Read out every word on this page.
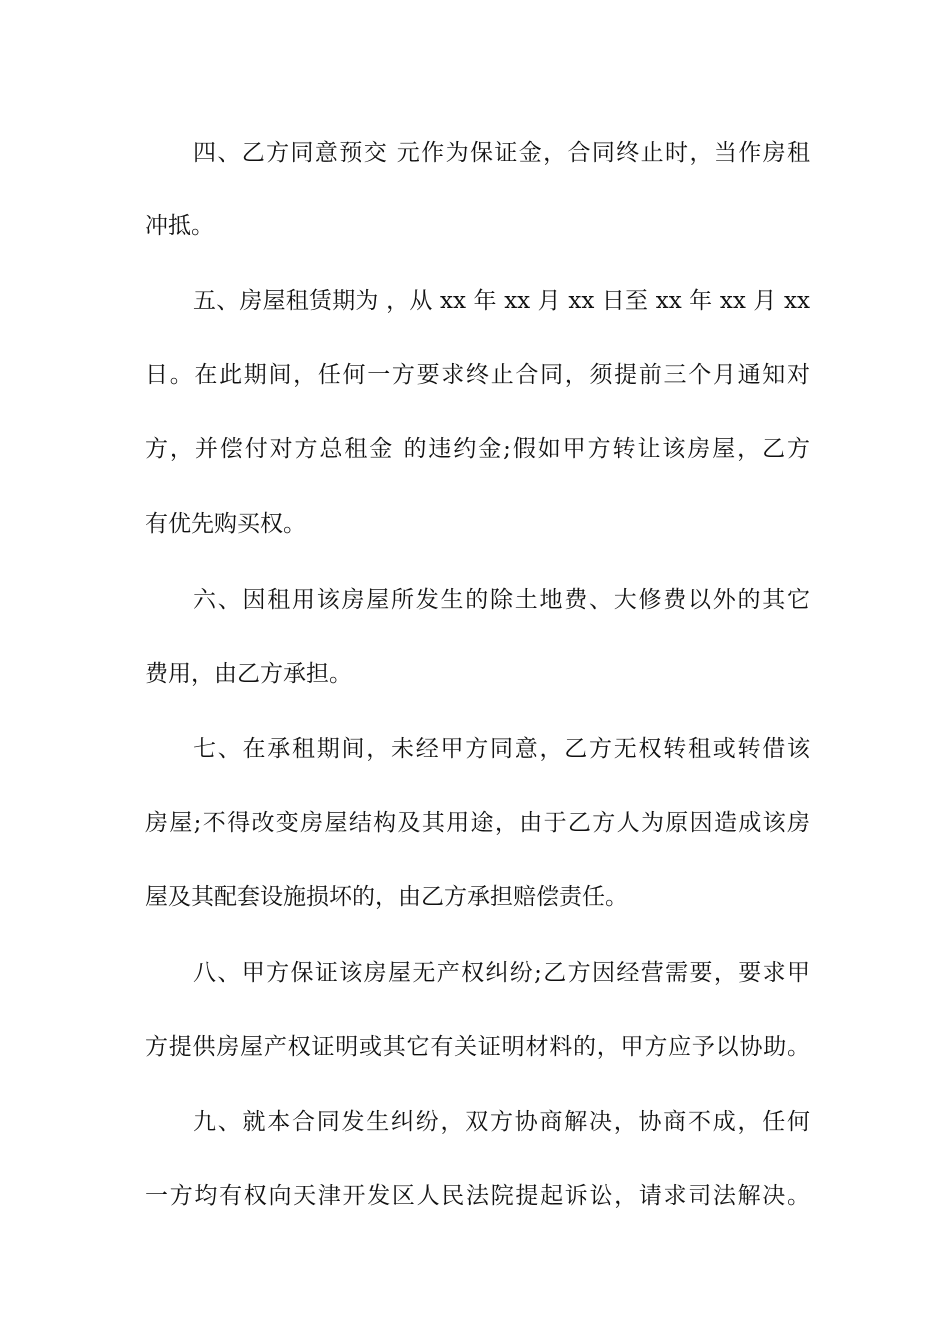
四、乙方同意预交 元作为保证金，合同终止时，当作房租

冲抵。

五、房屋租赁期为 ，从 xx 年 xx 月 xx 日至 xx 年 xx 月 xx

日。在此期间，任何一方要求终止合同，须提前三个月通知对

方，并偿付对方总租金 的违约金;假如甲方转让该房屋，乙方

有优先购买权。

六、因租用该房屋所发生的除土地费、大修费以外的其它

费用，由乙方承担。

七、在承租期间，未经甲方同意，乙方无权转租或转借该

房屋;不得改变房屋结构及其用途，由于乙方人为原因造成该房

屋及其配套设施损坏的，由乙方承担赔偿责任。

八、甲方保证该房屋无产权纠纷;乙方因经营需要，要求甲

方提供房屋产权证明或其它有关证明材料的，甲方应予以协助。

九、就本合同发生纠纷，双方协商解决，协商不成，任何

一方均有权向天津开发区人民法院提起诉讼，请求司法解决。
